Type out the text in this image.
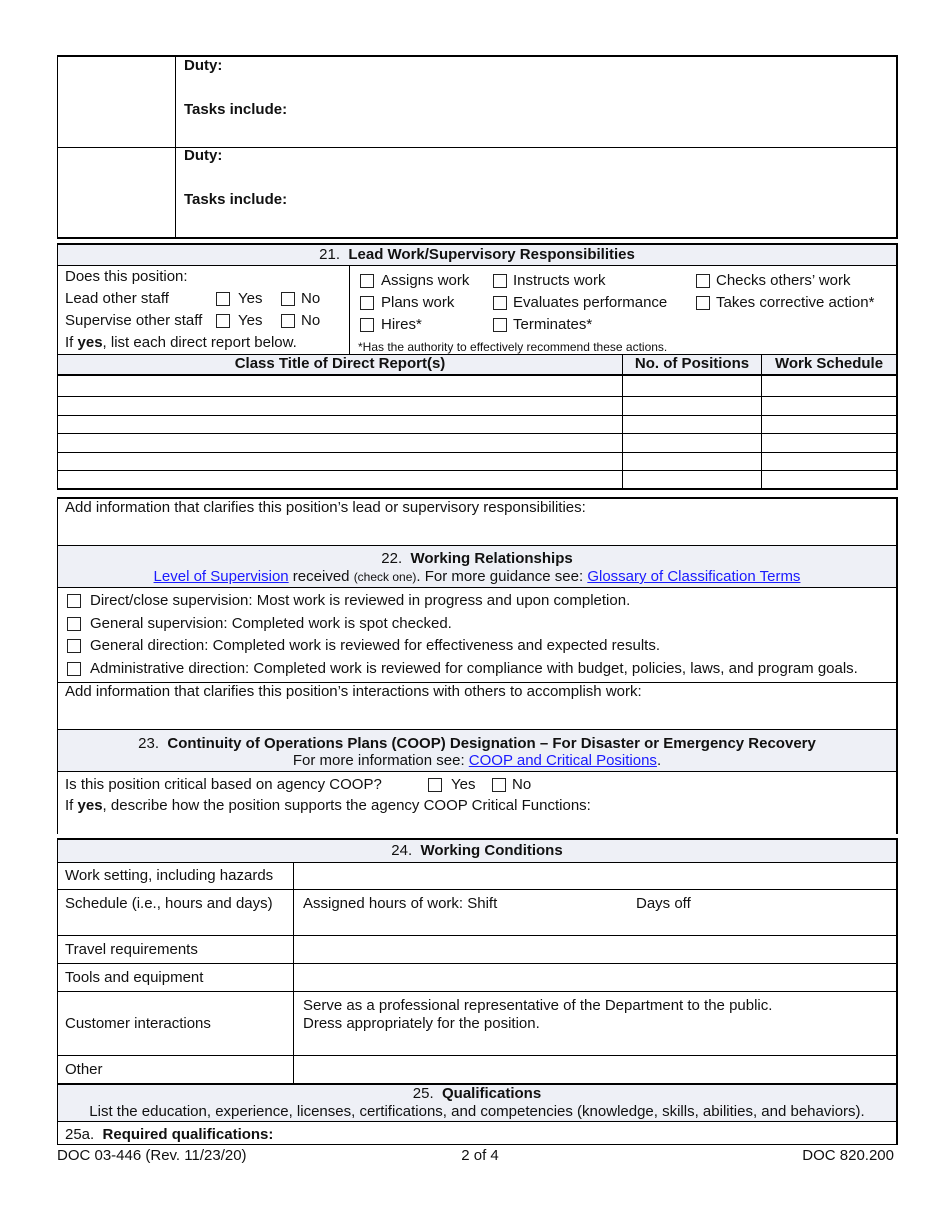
Duty:
Tasks include:
Duty:
Tasks include:
21. Lead Work/Supervisory Responsibilities
Does this position:
Lead other staff	Yes	No
Supervise other staff Yes	No
If yes, list each direct report below.
Assigns work	Instructs work	Checks others’ work
Plans work	Evaluates performance	Takes corrective action*
Hires*	Terminates*
*Has the authority to effectively recommend these actions.
Class Title of Direct Report(s)	No. of Positions	Work Schedule
Add information that clarifies this position’s lead or supervisory responsibilities:
22. Working Relationships
Level of Supervision received (check one). For more guidance see: Glossary of Classification Terms
Direct/close supervision: Most work is reviewed in progress and upon completion.
General supervision: Completed work is spot checked.
General direction: Completed work is reviewed for effectiveness and expected results.
Administrative direction: Completed work is reviewed for compliance with budget, policies, laws, and program goals.
Add information that clarifies this position’s interactions with others to accomplish work:
23. Continuity of Operations Plans (COOP) Designation – For Disaster or Emergency Recovery
For more information see: COOP and Critical Positions.
Is this position critical based on agency COOP?	Yes No
If yes, describe how the position supports the agency COOP Critical Functions:
24. Working Conditions
Work setting, including hazards
Schedule (i.e., hours and days) Assigned hours of work: Shift	Days off
Travel requirements
Tools and equipment
Customer interactions
Serve as a professional representative of the Department to the public.
Dress appropriately for the position.
Other
25. Qualifications
List the education, experience, licenses, certifications, and competencies (knowledge, skills, abilities, and behaviors).
25a. Required qualifications:
DOC 03-446 (Rev. 11/23/20)	2 of 4	DOC 820.200
